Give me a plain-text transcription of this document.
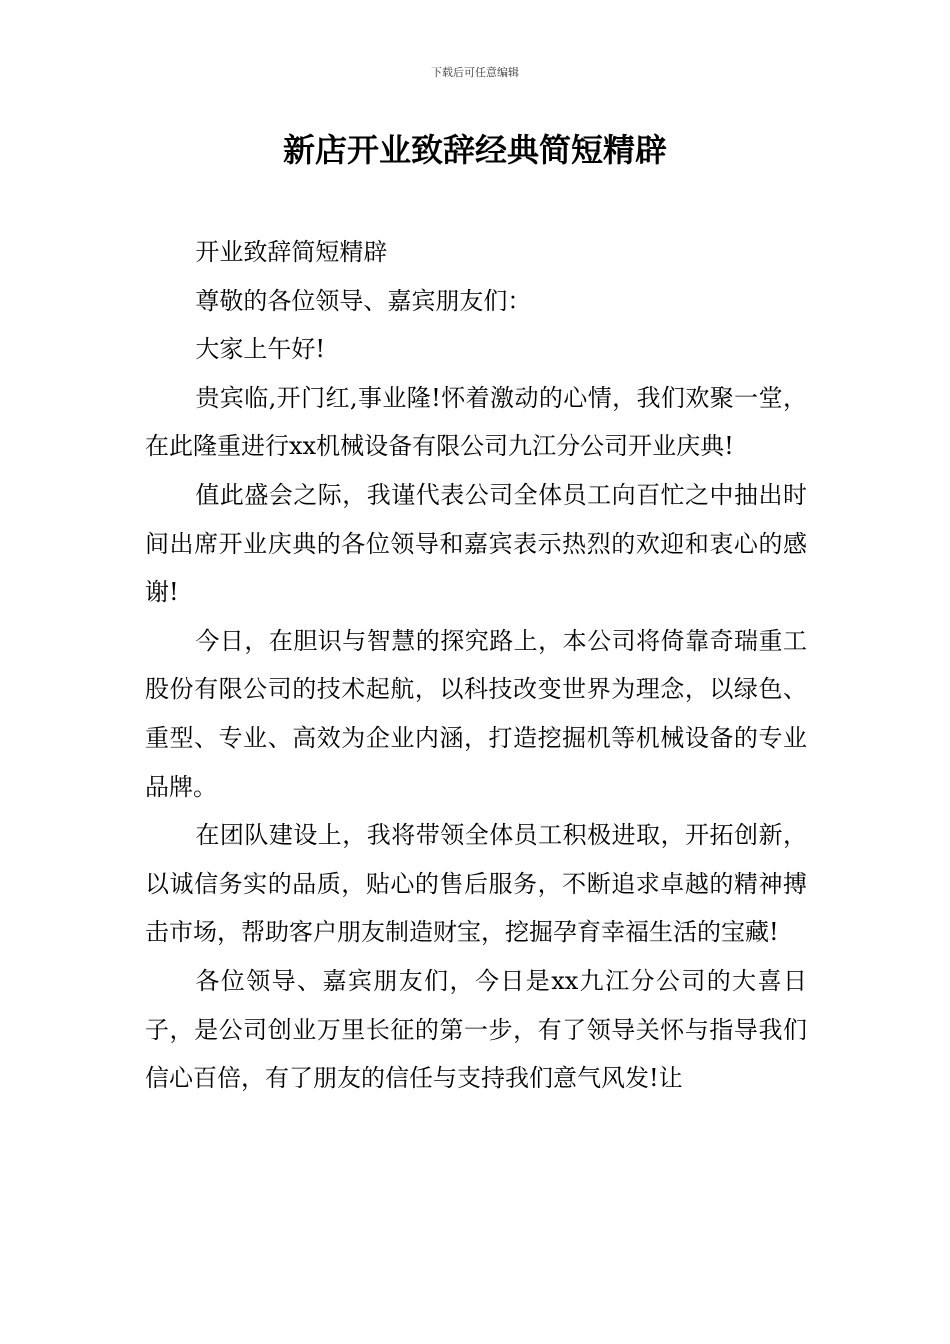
下载后可任意编辑
新店开业致辞经典简短精辟

开业致辞简短精辟

尊敬的各位领导、嘉宾朋友们：

大家上午好!

贵宾临,开门红,事业隆!怀着激动的心情，我们欢聚一堂，在此隆重进行xx机械设备有限公司九江分公司开业庆典!

值此盛会之际，我谨代表公司全体员工向百忙之中抽出时间出席开业庆典的各位领导和嘉宾表示热烈的欢迎和衷心的感谢!

今日，在胆识与智慧的探究路上，本公司将倚靠奇瑞重工股份有限公司的技术起航，以科技改变世界为理念，以绿色、重型、专业、高效为企业内涵，打造挖掘机等机械设备的专业品牌。

在团队建设上，我将带领全体员工积极进取，开拓创新，以诚信务实的品质，贴心的售后服务，不断追求卓越的精神搏击市场，帮助客户朋友制造财宝，挖掘孕育幸福生活的宝藏!

各位领导、嘉宾朋友们，今日是xx九江分公司的大喜日子，是公司创业万里长征的第一步，有了领导关怀与指导我们信心百倍，有了朋友的信任与支持我们意气风发!让
